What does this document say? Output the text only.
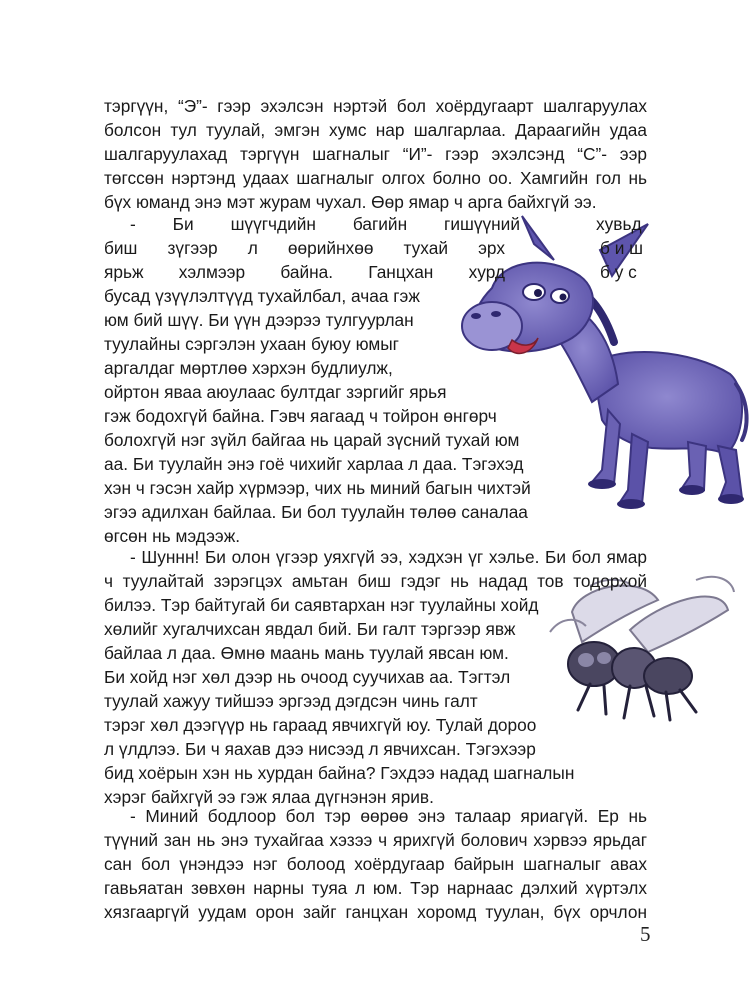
тэргүүн, “Э”- гээр эхэлсэн нэртэй бол хоёрдугаарт шалгаруулах
болсон тул туулай, эмгэн хумс нар шалгарлаа. Дараагийн удаа
шалгаруулахад тэргүүн шагналыг “И”- гээр эхэлсэнд “С”- ээр
төгссөн нэртэнд удаах шагналыг олгох болно оо. Хамгийн гол нь
бүх юманд энэ мэт журам чухал. Өөр ямар ч арга байхгүй ээ.
- Би шүүгчдийн багийн гишүүний	хувьд
биш зүгээр л өөрийнхөө тухай эрх	б и ш
ярьж хэлмээр байна. Ганцхан хурд	б у с
бусад үзүүлэлтүүд тухайлбал, ачаа гэж
юм бий шүү. Би үүн дээрээ тулгуурлан
туулайны сэргэлэн ухаан буюу юмыг
аргалдаг мөртлөө хэрхэн будлиулж,
ойртон яваа аюулаас бултдаг зэргийг ярья
гэж бодохгүй байна. Гэвч яагаад ч тойрон өнгөрч
болохгүй нэг зүйл байгаа нь царай зүсний тухай юм
аа. Би туулайн энэ гоё чихийг харлаа л даа. Тэгэхэд
хэн ч гэсэн хайр хүрмээр, чих нь миний багын чихтэй
эгээ адилхан байлаа. Би бол туулайн төлөө саналаа
өгсөн нь мэдээж.
- Шуннн! Би олон үгээр уяхгүй ээ, хэдхэн үг хэлье. Би бол ямар
ч туулайтай зэрэгцэх амьтан биш гэдэг нь надад тов тодорхой
билээ. Тэр байтугай би саявтархан нэг туулайны хойд
хөлийг хугалчихсан явдал бий. Би галт тэргээр явж
байлаа л даа. Өмнө маань мань туулай явсан юм.
Би хойд нэг хөл дээр нь очоод суучихав аа. Тэгтэл
туулай хажуу тийшээ эргээд дэгдсэн чинь галт
тэрэг хөл дээгүүр нь гараад явчихгүй юу. Тулай дороо
л үлдлээ. Би ч яахав дээ нисээд л явчихсан. Тэгэхээр
бид хоёрын хэн нь хурдан байна? Гэхдээ надад шагналын
хэрэг байхгүй ээ гэж ялаа дүгнэнэн ярив.
- Миний бодлоор бол тэр өөрөө энэ талаар яриагүй. Ер нь
түүний зан нь энэ тухайгаа хэзээ ч ярихгүй болович хэрвээ ярьдаг
сан бол үнэндээ нэг болоод хоёрдугаар байрын шагналыг авах
гавьяатан зөвхөн нарны туяа л юм. Тэр нарнаас дэлхий хүртэлх
хязгааргүй уудам орон зайг ганцхан хоромд туулан, бүх орчлон
5
